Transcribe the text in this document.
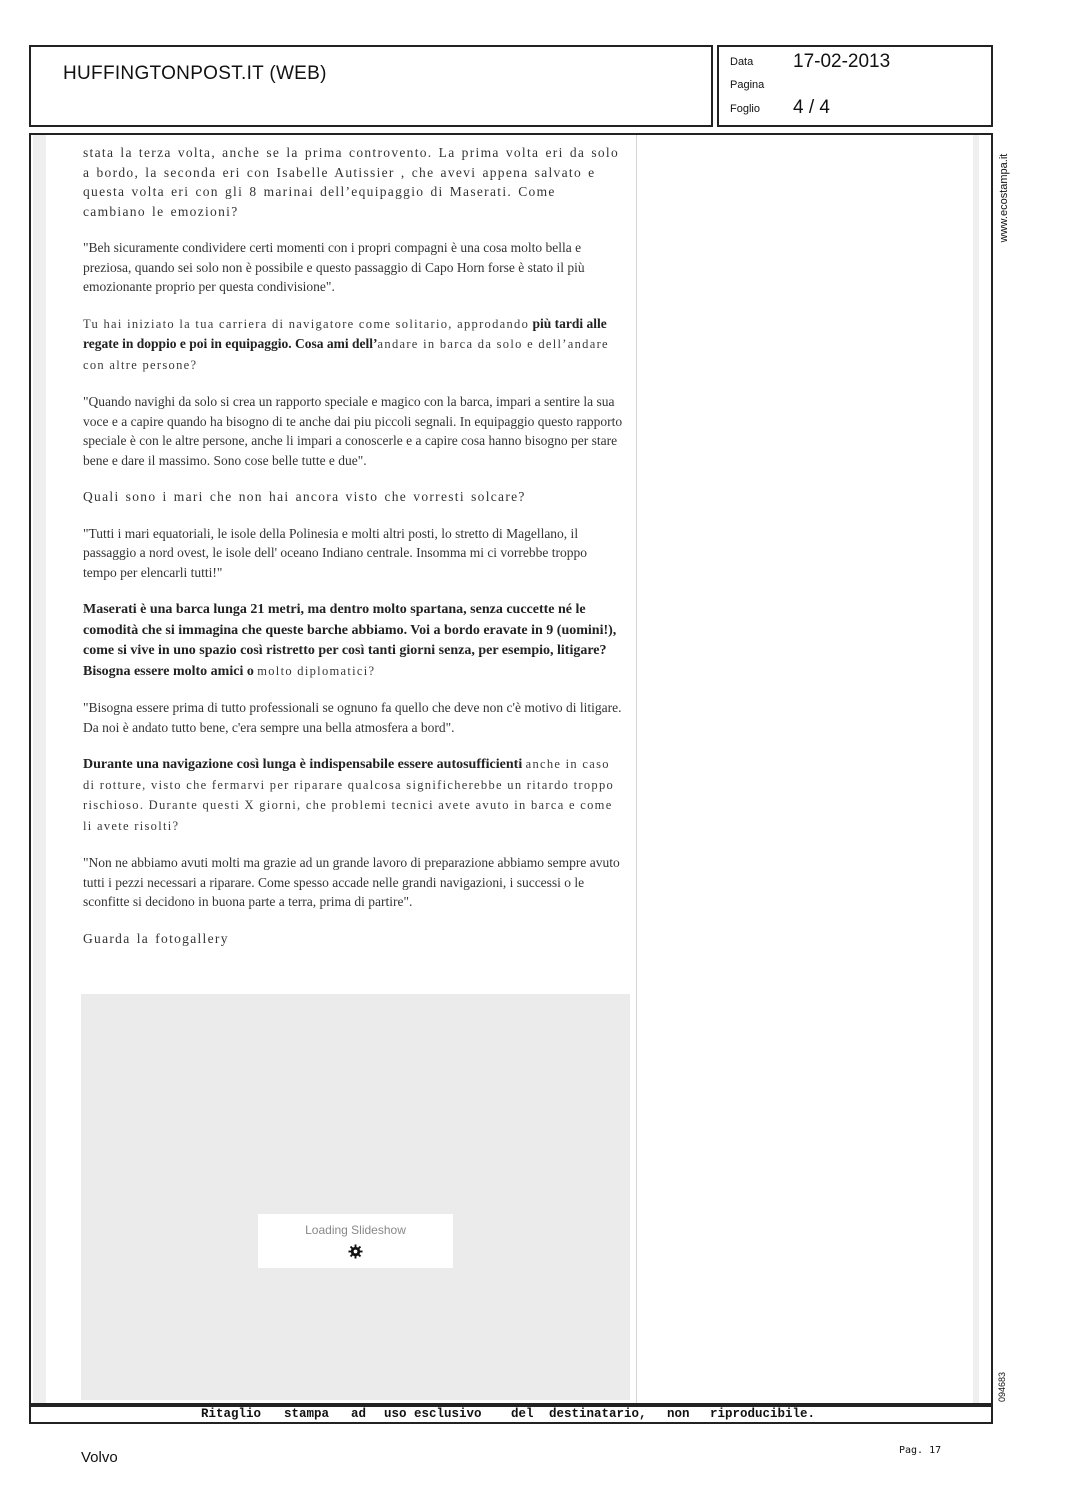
HUFFINGTONPOST.IT (WEB)
Data 17-02-2013
Pagina
Foglio 4 / 4

stata la terza volta, anche se la prima controvento. La prima volta eri da solo a bordo, la seconda eri con Isabelle Autissier , che avevi appena salvato e questa volta eri con gli 8 marinai dell’equipaggio di Maserati. Come cambiano le emozioni?

"Beh sicuramente condividere certi momenti con i propri compagni è una cosa molto bella e preziosa, quando sei solo non è possibile e questo passaggio di Capo Horn forse è stato il più emozionante proprio per questa condivisione".

Tu hai iniziato la tua carriera di navigatore come solitario, approdando più tardi alle regate in doppio e poi in equipaggio. Cosa ami dell’andare in barca da solo e dell’andare con altre persone?

"Quando navighi da solo si crea un rapporto speciale e magico con la barca, impari a sentire la sua voce e a capire quando ha bisogno di te anche dai piu piccoli segnali. In equipaggio questo rapporto speciale è con le altre persone, anche li impari a conoscerle e a capire cosa hanno bisogno per stare bene e dare il massimo. Sono cose belle tutte e due".

Quali sono i mari che non hai ancora visto che vorresti solcare?

"Tutti i mari equatoriali, le isole della Polinesia e molti altri posti, lo stretto di Magellano, il passaggio a nord ovest, le isole dell' oceano Indiano centrale. Insomma mi ci vorrebbe troppo tempo per elencarli tutti!"

Maserati è una barca lunga 21 metri, ma dentro molto spartana, senza cuccette né le comodità che si immagina che queste barche abbiamo. Voi a bordo eravate in 9 (uomini!), come si vive in uno spazio così ristretto per così tanti giorni senza, per esempio, litigare? Bisogna essere molto amici o molto diplomatici?

"Bisogna essere prima di tutto professionali se ognuno fa quello che deve non c'è motivo di litigare. Da noi è andato tutto bene, c'era sempre una bella atmosfera a bord".

Durante una navigazione così lunga è indispensabile essere autosufficienti anche in caso di rotture, visto che fermarvi per riparare qualcosa significherebbe un ritardo troppo rischioso. Durante questi X giorni, che problemi tecnici avete avuto in barca e come li avete risolti?

"Non ne abbiamo avuti molti ma grazie ad un grande lavoro di preparazione abbiamo sempre avuto tutti i pezzi necessari a riparare. Come spesso accade nelle grandi navigazioni, i successi o le sconfitte si decidono in buona parte a terra, prima di partire".

Guarda la fotogallery

Loading Slideshow
Ritaglio stampa ad uso esclusivo del destinatario, non riproducibile.
www.ecostampa.it
094683
Volvo	Pag. 17
